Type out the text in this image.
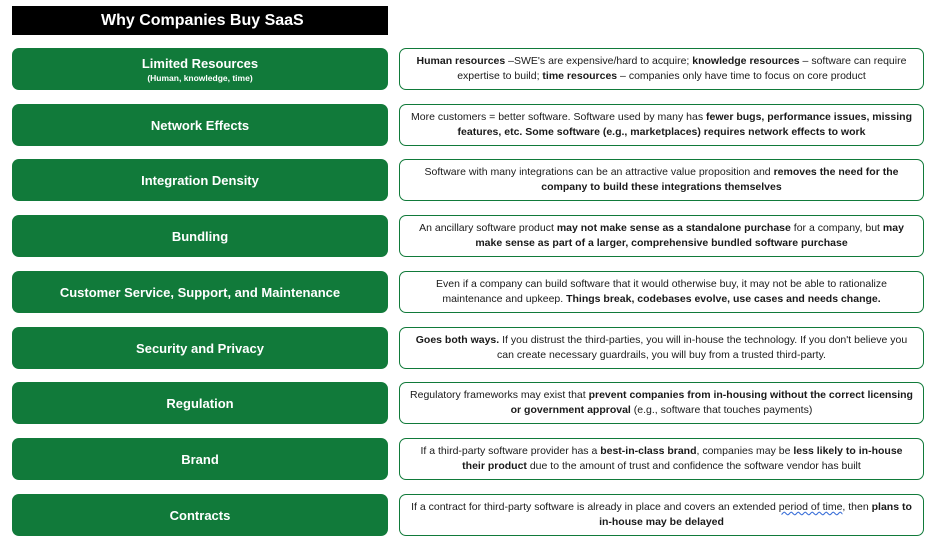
Why Companies Buy SaaS
Limited Resources
(Human, knowledge, time)
Human resources –SWE's are expensive/hard to acquire; knowledge resources – software can require expertise to build; time resources – companies only have time to focus on core product
Network Effects
More customers = better software. Software used by many has fewer bugs, performance issues, missing features, etc. Some software (e.g., marketplaces) requires network effects to work
Integration Density
Software with many integrations can be an attractive value proposition and removes the need for the company to build these integrations themselves
Bundling
An ancillary software product may not make sense as a standalone purchase for a company, but may make sense as part of a larger, comprehensive bundled software purchase
Customer Service, Support, and Maintenance
Even if a company can build software that it would otherwise buy, it may not be able to rationalize maintenance and upkeep. Things break, codebases evolve, use cases and needs change.
Security and Privacy
Goes both ways. If you distrust the third-parties, you will in-house the technology. If you don't believe you can create necessary guardrails, you will buy from a trusted third-party.
Regulation
Regulatory frameworks may exist that prevent companies from in-housing without the correct licensing or government approval (e.g., software that touches payments)
Brand
If a third-party software provider has a best-in-class brand, companies may be less likely to in-house their product due to the amount of trust and confidence the software vendor has built
Contracts
If a contract for third-party software is already in place and covers an extended period of time, then plans to in-house may be delayed
